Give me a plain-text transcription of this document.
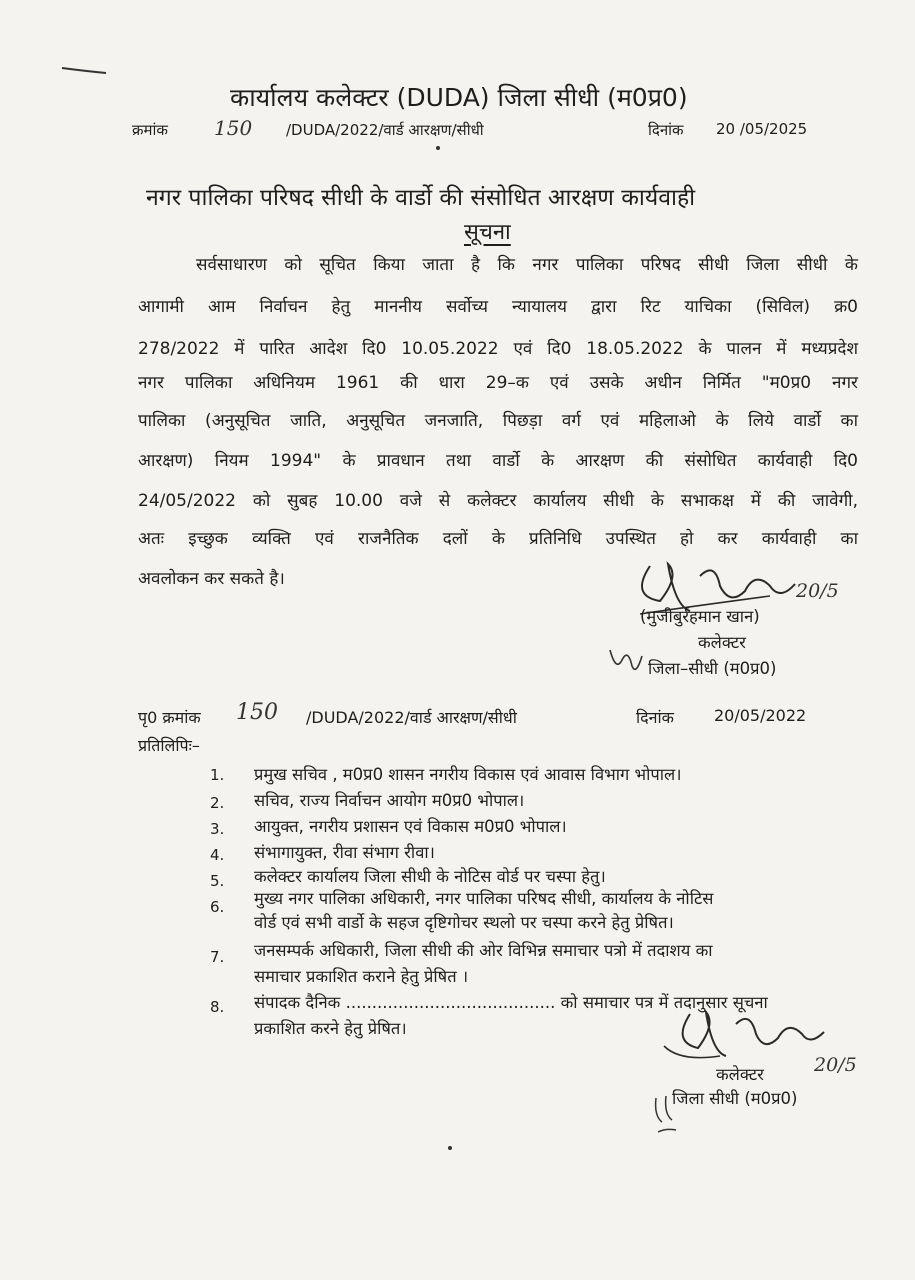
कार्यालय कलेक्टर (DUDA) जिला सीधी (म0प्र0)
क्रमांक 150 /DUDA/2022/वार्ड आरक्षण/सीधी	दिनांक 20 /05/2025
नगर पालिका परिषद सीधी के वार्डो की संसोधित आरक्षण कार्यवाही
सूचना
सर्वसाधारण को सूचित किया जाता है कि नगर पालिका परिषद सीधी जिला सीधी के
आगामी आम निर्वाचन हेतु माननीय सर्वोच्य न्यायालय द्वारा रिट याचिका (सिविल) क्र0
278/2022 में पारित आदेश दि0 10.05.2022 एवं दि0 18.05.2022 के पालन में मध्यप्रदेश
नगर पालिका अधिनियम 1961 की धारा 29–क एवं उसके अधीन निर्मित "म0प्र0 नगर
पालिका (अनुसूचित जाति, अनुसूचित जनजाति, पिछड़ा वर्ग एवं महिलाओ के लिये वार्डो का
आरक्षण) नियम 1994" के प्रावधान तथा वार्डो के आरक्षण की संसोधित कार्यवाही दि0
24/05/2022 को सुबह 10.00 वजे से कलेक्टर कार्यालय सीधी के सभाकक्ष में की जावेगी,
अतः इच्छुक व्यक्ति एवं राजनैतिक दलों के प्रतिनिधि उपस्थित हो कर कार्यवाही का
अवलोकन कर सकते है।
20/5
(मुजीबुर्रहमान खान)
कलेक्टर
जिला–सीधी (म0प्र0)
पृ0 क्रमांक 150 /DUDA/2022/वार्ड आरक्षण/सीधी	दिनांक	20/05/2022
प्रतिलिपिः–
1. प्रमुख सचिव , म0प्र0 शासन नगरीय विकास एवं आवास विभाग भोपाल।
2. सचिव, राज्य निर्वाचन आयोग म0प्र0 भोपाल।
3. आयुक्त, नगरीय प्रशासन एवं विकास म0प्र0 भोपाल।
4. संभागायुक्त, रीवा संभाग रीवा।
5. कलेक्टर कार्यालय जिला सीधी के नोटिस वोर्ड पर चस्पा हेतु।
6. मुख्य नगर पालिका अधिकारी, नगर पालिका परिषद सीधी, कार्यालय के नोटिस
वोर्ड एवं सभी वार्डो के सहज दृष्टिगोचर स्थलो पर चस्पा करने हेतु प्रेषित।
7. जनसम्पर्क अधिकारी, जिला सीधी की ओर विभिन्न समाचार पत्रो में तदाशय का
समाचार प्रकाशित कराने हेतु प्रेषित ।
8. संपादक दैनिक ........................................ को समाचार पत्र में तदानुसार सूचना
प्रकाशित करने हेतु प्रेषित।
20/5
कलेक्टर
जिला सीधी (म0प्र0)
